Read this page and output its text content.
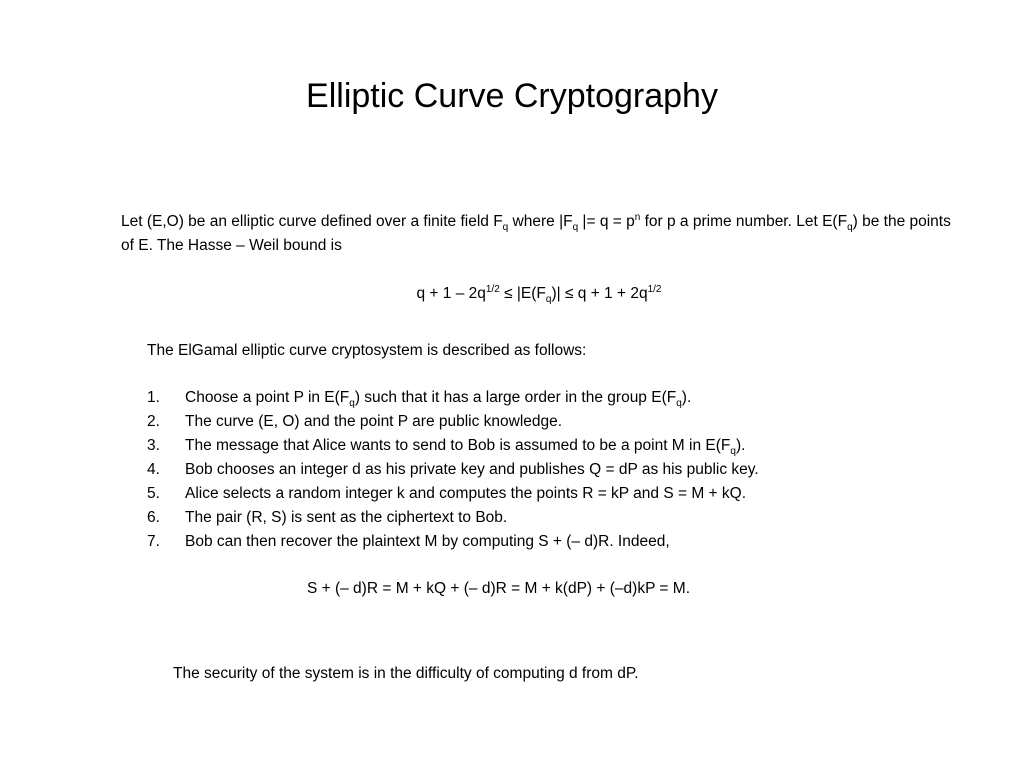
Elliptic Curve Cryptography
Let (E,O) be an elliptic curve defined over a finite field $F_q$ where $|F_q$ |= $q = p^n$ for p a prime number. Let $E(F_q)$ be the points of E. The Hasse – Weil bound is
$q + 1 - 2q^{1/2} \le |E(F_q)| \le q + 1 + 2q^{1/2}$
The ElGamal elliptic curve cryptosystem is described as follows:
1. Choose a point P in $E(F_q)$ such that it has a large order in the group $E(F_q)$.
2. The curve (E, O) and the point P are public knowledge.
3. The message that Alice wants to send to Bob is assumed to be a point M in $E(F_q)$.
4. Bob chooses an integer d as his private key and publishes Q = dP as his public key.
5. Alice selects a random integer k and computes the points R = kP and S = M + kQ.
6. The pair (R, S) is sent as the ciphertext to Bob.
7. Bob can then recover the plaintext M by computing S + (– d)R. Indeed,
S + (– d)R = M + kQ + (– d)R = M + k(dP) + (–d)kP = M.
The security of the system is in the difficulty of computing d from dP.
